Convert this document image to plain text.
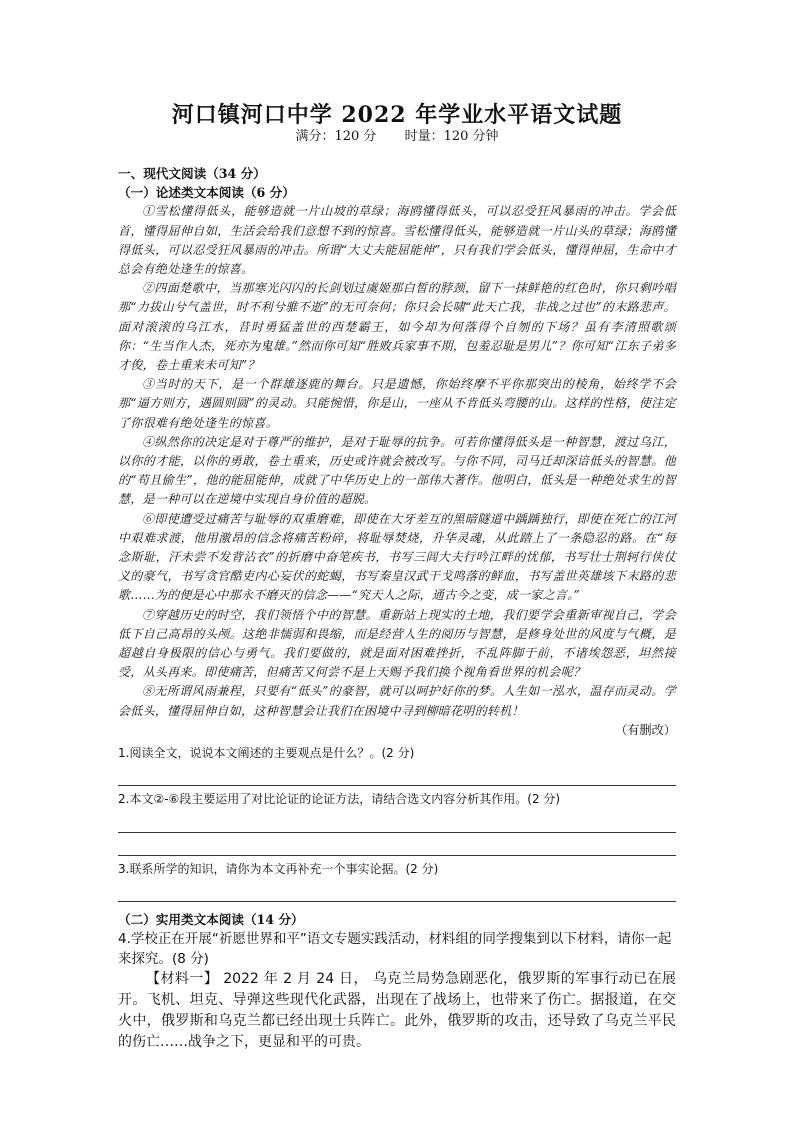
河口镇河口中学 2022 年学业水平语文试题
满分：120 分 时量：120 分钟
一、现代文阅读（34 分）
（一）论述类文本阅读（6 分）

①雪松懂得低头，能够造就一片山坡的草绿；海鸥懂得低头，可以忍受狂风暴雨的冲击。学会低首，懂得屈伸自如，生活会给我们意想不到的惊喜。雪松懂得低头，能够造就一片山头的草绿；海鸥懂得低头，可以忍受狂风暴雨的冲击。所谓“大丈夫能屈能伸”，只有我们学会低头，懂得伸屈，生命中才总会有绝处逢生的惊喜。

②四面楚歌中，当那寒光闪闪的长剑划过虞姬那白皙的脖颈，留下一抹鲜艳的红色时，你只剩吟唱那“力拔山兮气盖世，时不利兮骓不逝”的无可奈何；你只会长啸“此天亡我，非战之过也”的末路悲声。面对滚滚的乌江水，昔时勇猛盖世的西楚霸王，如今却为何落得个自刎的下场？虽有李清照歌颂你：“生当作人杰，死亦为鬼雄。”然而你可知“胜败兵家事不期，包羞忍耻是男儿”？你可知“江东子弟多才俊，卷土重来未可知”？

③当时的天下，是一个群雄逐鹿的舞台。只是遗憾，你始终摩不平你那突出的棱角，始终学不会那“逼方则方，遇圆则圆”的灵动。只能惋惜，你是山，一座从不肯低头弯腰的山。这样的性格，使注定了你很难有绝处逢生的惊喜。

④纵然你的决定是对于尊严的维护，是对于耻辱的抗争。可若你懂得低头是一种智慧，渡过乌江，以你的才能，以你的勇敢，卷土重来，历史或许就会被改写。与你不同，司马迁却深谙低头的智慧。他的“苟且偷生”，他的能屈能伸，成就了中华历史上的一部伟大著作。他明白，低头是一种绝处求生的智慧，是一种可以在逆境中实现自身价值的超脱。

⑥即使遭受过痛苦与耻辱的双重磨难，即使在大牙差互的黑暗隧道中踽踽独行，即使在死亡的江河中艰难求渡，他用激昂的信念将痛苦粉碎，将耻辱焚烧，升华灵魂，从此踏上了一条隐忍的路。在“每念斯耻，汗未尝不发背沾衣”的折磨中奋笔疾书，书写三闾大夫行吟江畔的忧郁，书写壮士荆轲行侠仗义的豪气，书写贪官酷吏内心妄伏的蛇蝎，书写秦皇汉武干戈鸣落的鲜血，书写盖世英雄垓下末路的悲歌……为的便是心中那永不磨灭的信念——“究天人之际，通古今之变，成一家之言。”

⑦穿越历史的时空，我们领悟个中的智慧。重新站上现实的土地，我们要学会重新审视自己，学会低下自己高昂的头颅。这绝非懦弱和畏缩，而是经营人生的阅历与智慧，是修身处世的风度与气概，是超越自身极限的信心与勇气。我们要做的，就是面对困难挫折，不乱阵脚于前，不诸埃怨恶，坦然接受，从头再来。即使痛苦，但痛苦又何尝不是上天赐予我们换个视角看世界的机会呢？

⑧无所谓风雨兼程，只要有“低头”的豪智，就可以呵护好你的梦。人生如一泓水，温存而灵动。学会低头，懂得屈伸自如，这种智慧会让我们在困境中寻到柳暗花明的转机！

（有删改）

1.阅读全文，说说本文阐述的主要观点是什么？。(2 分)

2.本文②-⑥段主要运用了对比论证的论证方法，请结合选文内容分析其作用。(2 分)

3.联系所学的知识，请你为本文再补充一个事实论据。(2 分)

（二）实用类文本阅读（14 分）

4.学校正在开展“祈愿世界和平”语文专题实践活动，材料组的同学搜集到以下材料，请你一起来探究。(8 分)

【材料一】 2022 年 2 月 24 日， 乌克兰局势急剧恶化，俄罗斯的军事行动已在展开。飞机、坦克、导弹这些现代化武器，出现在了战场上，也带来了伤亡。据报道，在交火中，俄罗斯和乌克兰都已经出现士兵阵亡。此外，俄罗斯的攻击，还导致了乌克兰平民的伤亡……战争之下，更显和平的可贵。
